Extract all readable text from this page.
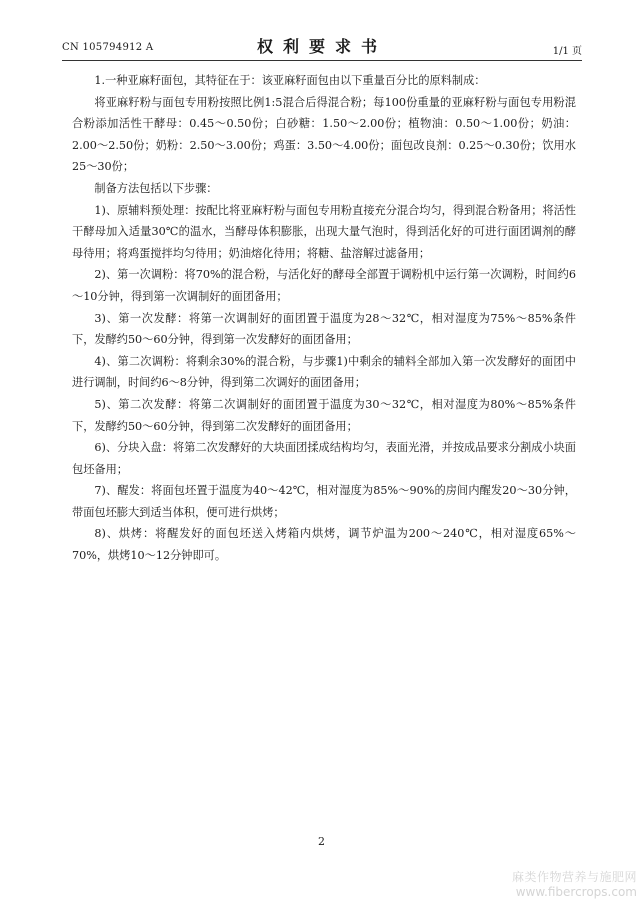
CN 105794912 A	权利要求书	1/1 页

1.一种亚麻籽面包，其特征在于：该亚麻籽面包由以下重量百分比的原料制成：

将亚麻籽粉与面包专用粉按照比例1:5混合后得混合粉；每100份重量的亚麻籽粉与面包专用粉混合粉添加活性干酵母：0.45～0.50份；白砂糖：1.50～2.00份；植物油：0.50～1.00份；奶油：2.00～2.50份；奶粉：2.50～3.00份；鸡蛋：3.50～4.00份；面包改良剂：0.25～0.30份；饮用水25～30份；

制备方法包括以下步骤：

1)、原辅料预处理：按配比将亚麻籽粉与面包专用粉直接充分混合均匀，得到混合粉备用；将活性干酵母加入适量30℃的温水，当酵母体积膨胀，出现大量气泡时，得到活化好的可进行面团调剂的酵母待用；将鸡蛋搅拌均匀待用；奶油熔化待用；将糖、盐溶解过滤备用；

2)、第一次调粉：将70%的混合粉，与活化好的酵母全部置于调粉机中运行第一次调粉，时间约6～10分钟，得到第一次调制好的面团备用；

3)、第一次发酵：将第一次调制好的面团置于温度为28～32℃，相对湿度为75%～85%条件下，发酵约50～60分钟，得到第一次发酵好的面团备用；

4)、第二次调粉：将剩余30%的混合粉，与步骤1)中剩余的辅料全部加入第一次发酵好的面团中进行调制，时间约6～8分钟，得到第二次调好的面团备用；

5)、第二次发酵：将第二次调制好的面团置于温度为30～32℃，相对湿度为80%～85%条件下，发酵约50～60分钟，得到第二次发酵好的面团备用；

6)、分块入盘：将第二次发酵好的大块面团揉成结构均匀，表面光滑，并按成品要求分割成小块面包坯备用；

7)、醒发：将面包坯置于温度为40～42℃，相对湿度为85%～90%的房间内醒发20～30分钟，带面包坯膨大到适当体积，便可进行烘烤；

8)、烘烤：将醒发好的面包坯送入烤箱内烘烤，调节炉温为200～240℃，相对湿度65%～70%，烘烤10～12分钟即可。

2
麻类作物营养与施肥网
www.fibercrops.com
